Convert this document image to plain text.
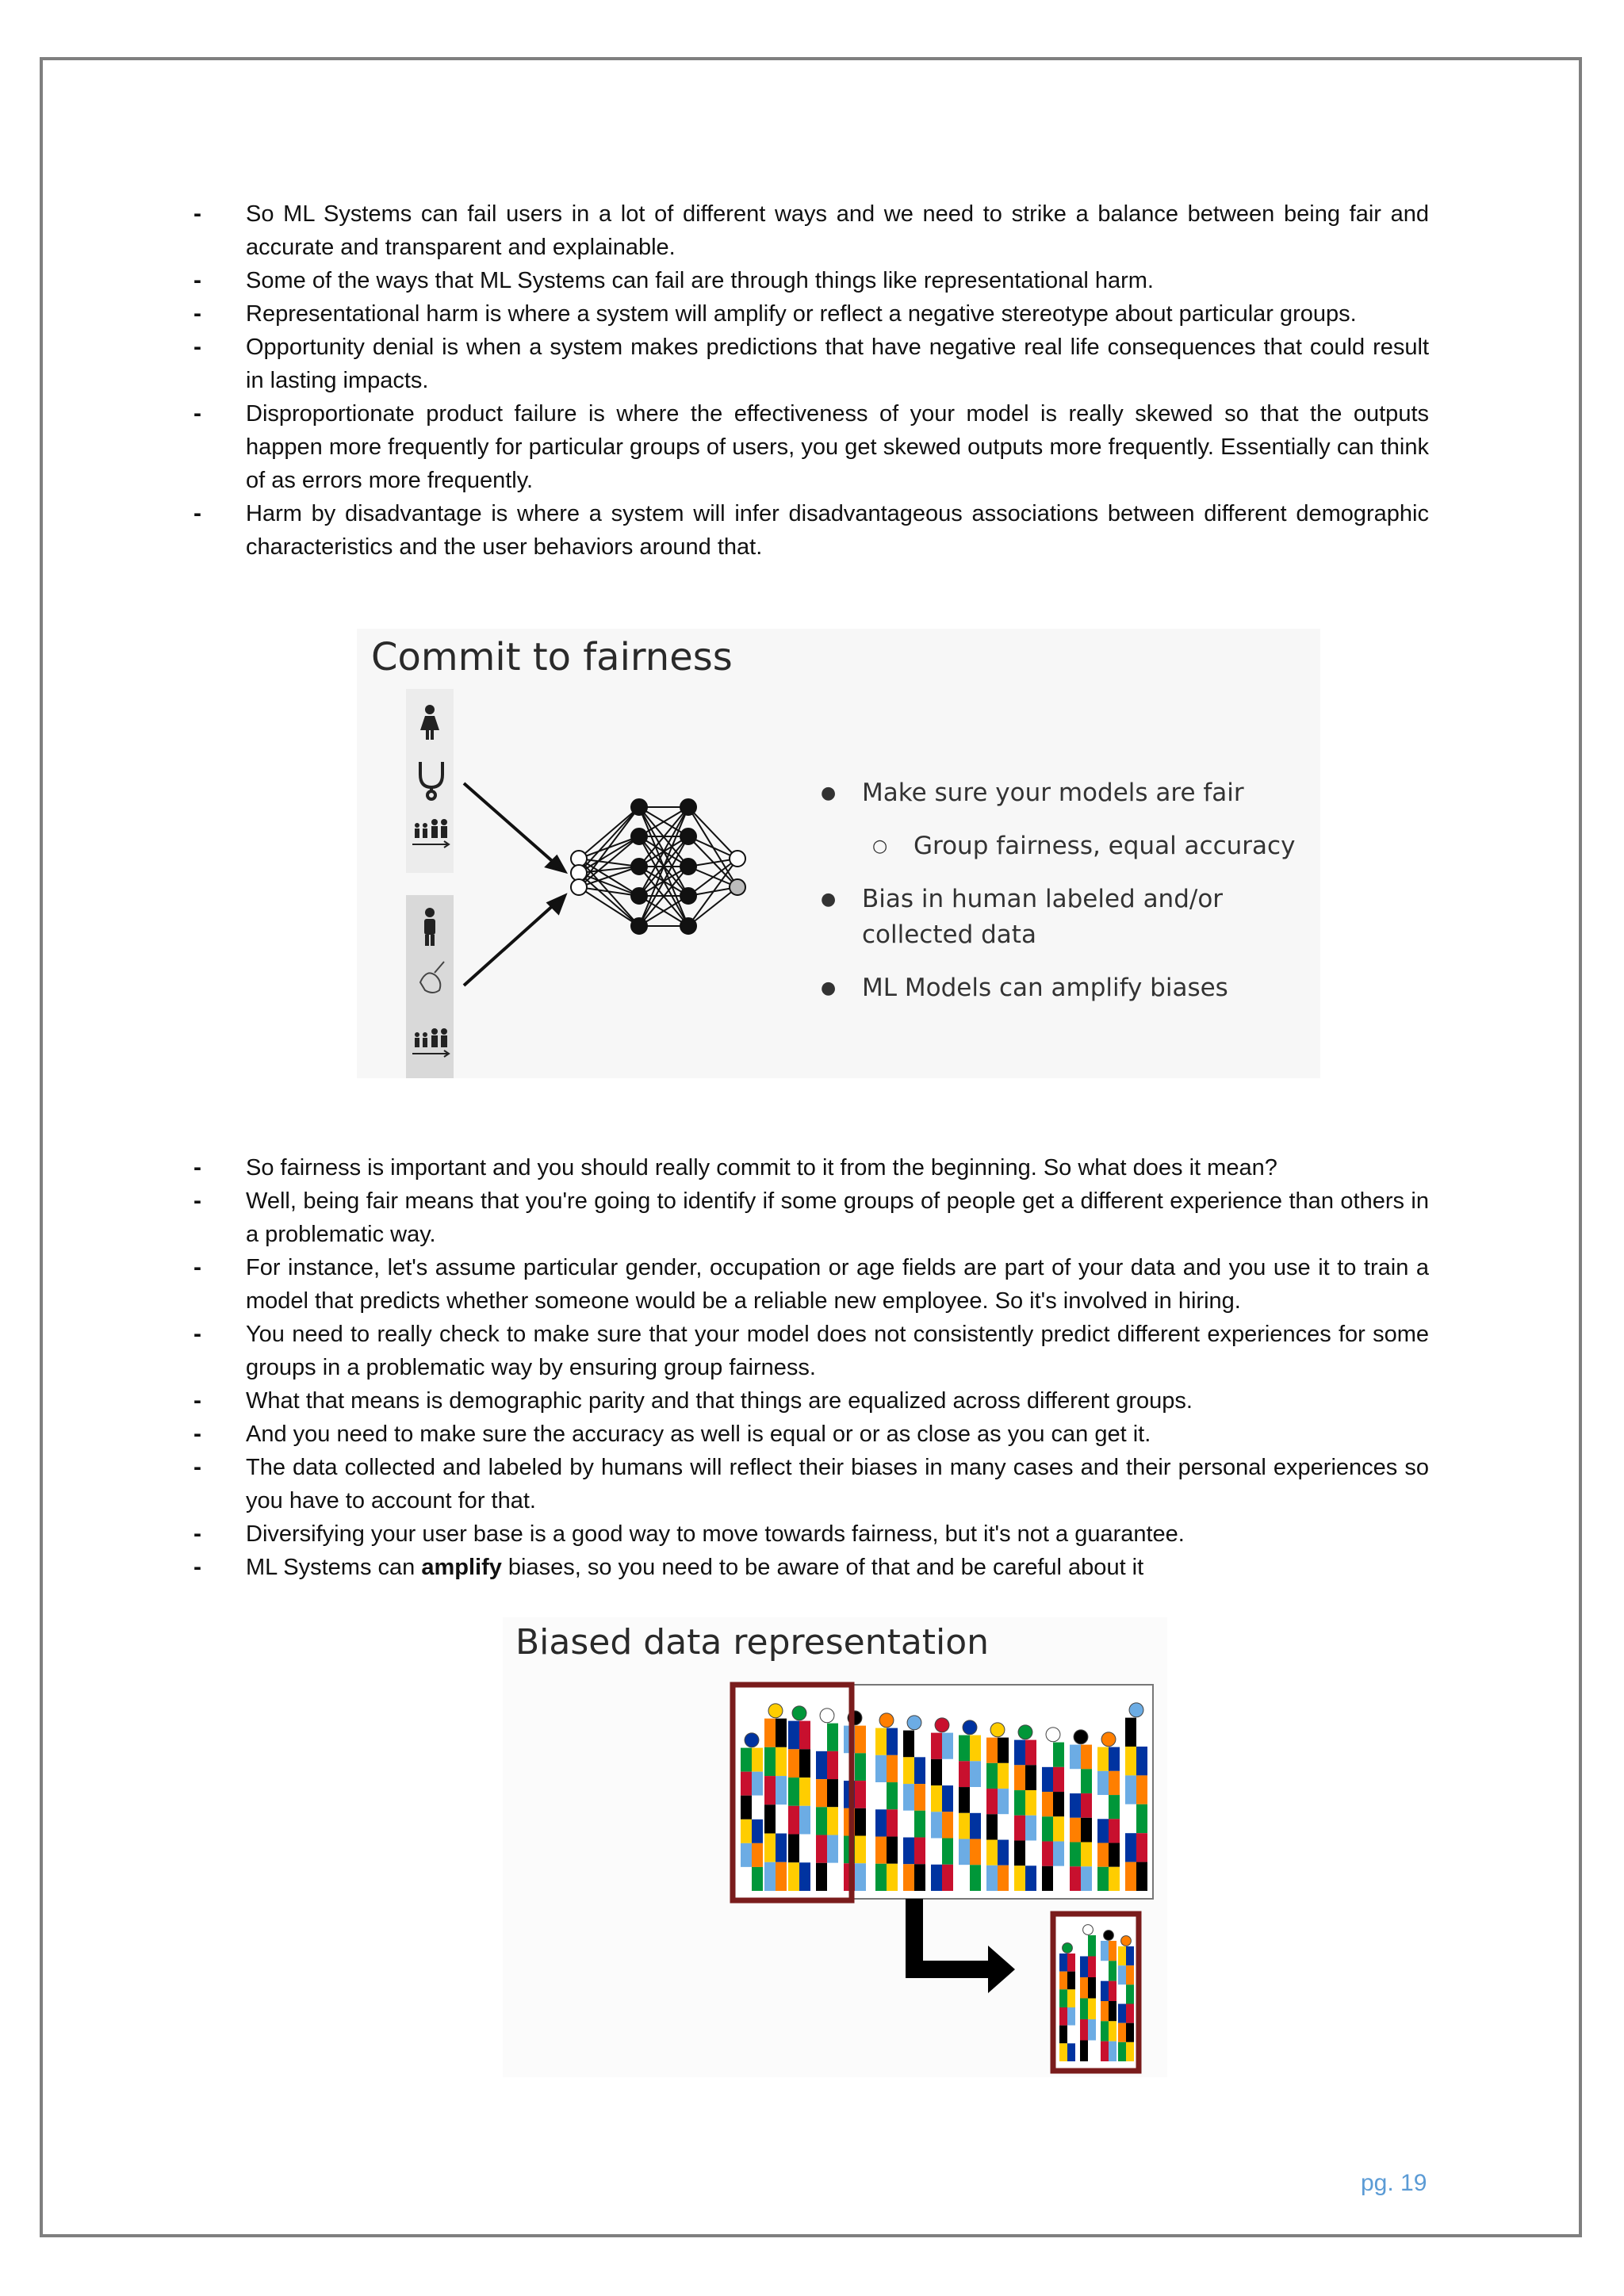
- So ML Systems can fail users in a lot of different ways and we need to strike a balance between being fair and accurate and transparent and explainable.
- Some of the ways that ML Systems can fail are through things like representational harm.
- Representational harm is where a system will amplify or reflect a negative stereotype about particular groups.
- Opportunity denial is when a system makes predictions that have negative real life consequences that could result in lasting impacts.
- Disproportionate product failure is where the effectiveness of your model is really skewed so that the outputs happen more frequently for particular groups of users, you get skewed outputs more frequently. Essentially can think of as errors more frequently.
- Harm by disadvantage is where a system will infer disadvantageous associations between different demographic characteristics and the user behaviors around that.
Commit to fairness
●	Make sure your models are fair
○	Group fairness, equal accuracy
●	Bias in human labeled and/or collected data
●	ML Models can amplify biases
- So fairness is important and you should really commit to it from the beginning. So what does it mean?
- Well, being fair means that you're going to identify if some groups of people get a different experience than others in a problematic way.
- For instance, let's assume particular gender, occupation or age fields are part of your data and you use it to train a model that predicts whether someone would be a reliable new employee. So it's involved in hiring.
- You need to really check to make sure that your model does not consistently predict different experiences for some groups in a problematic way by ensuring group fairness.
- What that means is demographic parity and that things are equalized across different groups.
- And you need to make sure the accuracy as well is equal or or as close as you can get it.
- The data collected and labeled by humans will reflect their biases in many cases and their personal experiences so you have to account for that.
- Diversifying your user base is a good way to move towards fairness, but it's not a guarantee.
- ML Systems can amplify biases, so you need to be aware of that and be careful about it
Biased data representation
pg. 19
